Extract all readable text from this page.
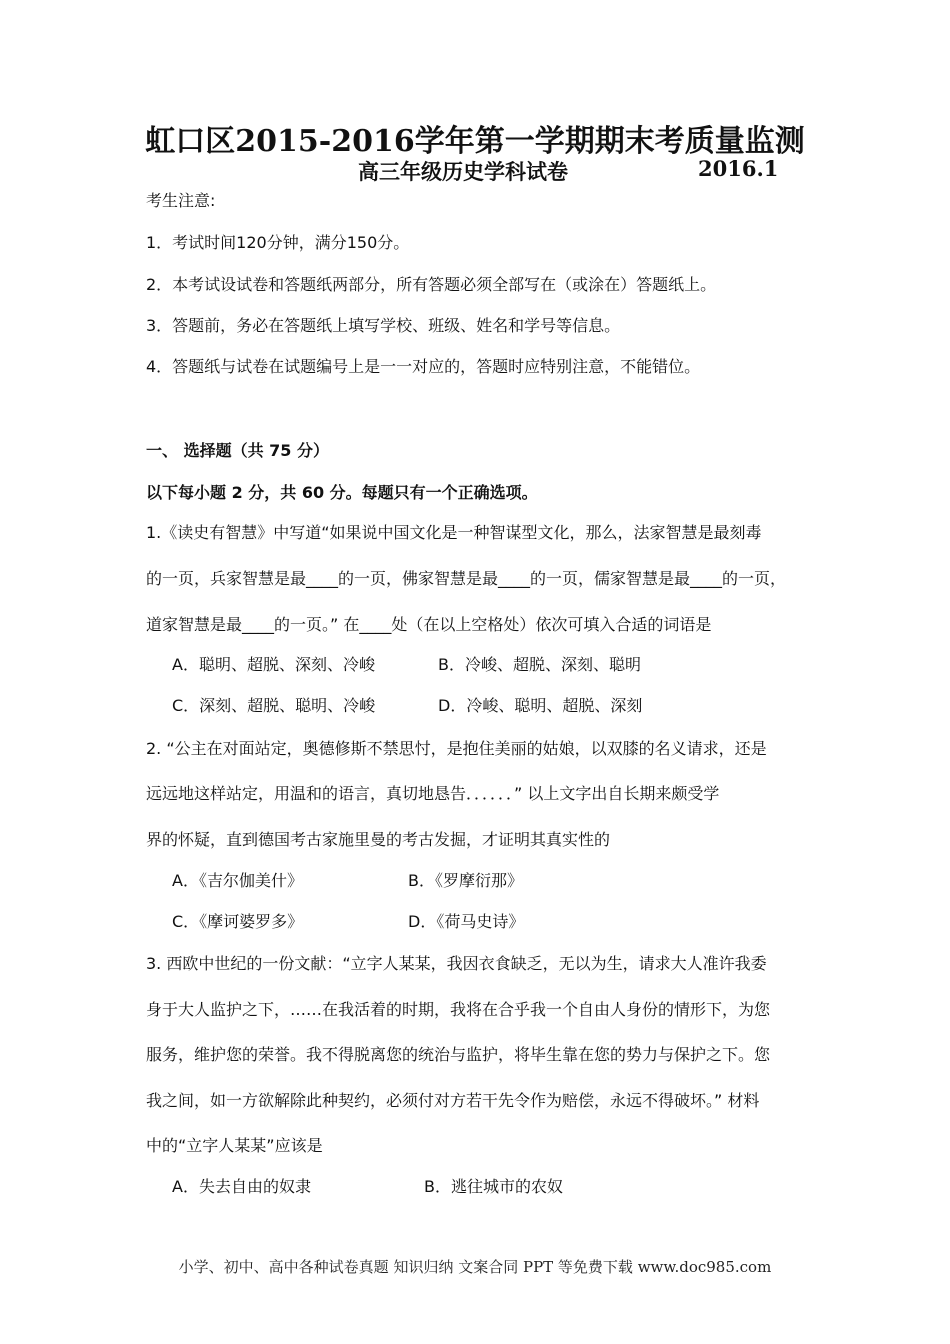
虹口区2015-2016学年第一学期期末考质量监测
高三年级历史学科试卷	2016.1
考生注意:
1．考试时间120分钟，满分150分。
2．本考试设试卷和答题纸两部分，所有答题必须全部写在（或涂在）答题纸上。
3．答题前，务必在答题纸上填写学校、班级、姓名和学号等信息。
4．答题纸与试卷在试题编号上是一一对应的，答题时应特别注意，不能错位。
一、 选择题（共 75 分）
以下每小题 2 分，共 60 分。每题只有一个正确选项。
1.《读史有智慧》中写道“如果说中国文化是一种智谋型文化，那么，法家智慧是最刻毒
的一页，兵家智慧是最____的一页，佛家智慧是最____的一页，儒家智慧是最____的一页，
道家智慧是最____的一页。” 在____处（在以上空格处）依次可填入合适的词语是
A．聪明、超脱、深刻、冷峻	B．冷峻、超脱、深刻、聪明
C．深刻、超脱、聪明、冷峻	D．冷峻、聪明、超脱、深刻
2. “公主在对面站定，奥德修斯不禁思忖，是抱住美丽的姑娘，以双膝的名义请求，还是
远远地这样站定，用温和的语言，真切地恳告．．．．．．” 以上文字出自长期来颇受学
界的怀疑，直到德国考古家施里曼的考古发掘，才证明其真实性的
A．《吉尔伽美什》	B．《罗摩衍那》
C．《摩诃婆罗多》	D．《荷马史诗》
3. 西欧中世纪的一份文献：“立字人某某，我因衣食缺乏，无以为生，请求大人准许我委
身于大人监护之下，……在我活着的时期，我将在合乎我一个自由人身份的情形下，为您
服务，维护您的荣誉。我不得脱离您的统治与监护，将毕生靠在您的势力与保护之下。您
我之间，如一方欲解除此种契约，必须付对方若干先令作为赔偿，永远不得破坏。” 材料
中的“立字人某某”应该是
A．失去自由的奴隶	B．逃往城市的农奴
小学、初中、高中各种试卷真题 知识归纳 文案合同 PPT 等免费下载 www.doc985.com
